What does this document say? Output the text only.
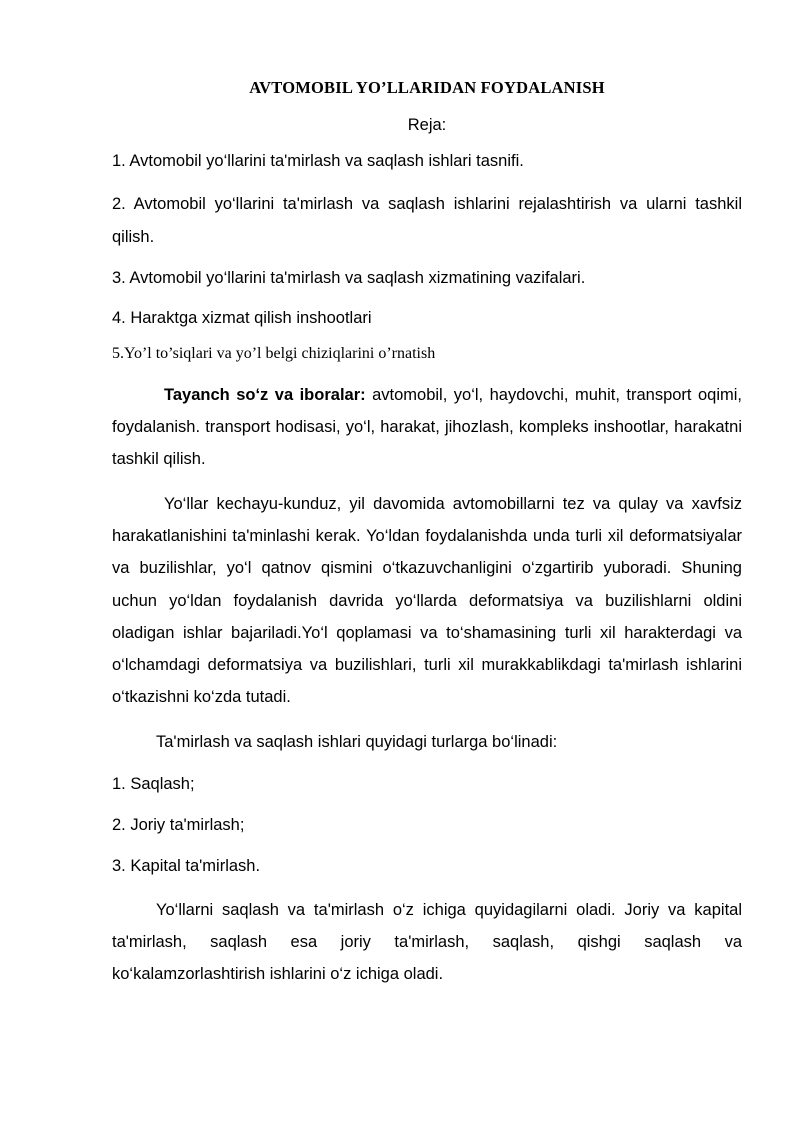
AVTOMOBIL YO’LLARIDAN FOYDALANISH
Reja:

1. Avtomobil yo‘llarini ta'mirlash va saqlash ishlari tasnifi.

2. Avtomobil yo‘llarini ta'mirlash va saqlash ishlarini rejalashtirish va ularni tashkil qilish.

3. Avtomobil yo‘llarini ta'mirlash va saqlash xizmatining vazifalari.

4. Haraktga xizmat qilish inshootlari

5.Yo’l to’siqlari va yo’l belgi chiziqlarini o’rnatish

Tayanch so‘z va iboralar: avtomobil, yo‘l, haydovchi, muhit, transport oqimi, foydalanish. transport hodisasi, yo‘l, harakat, jihozlash, kompleks inshootlar, harakatni tashkil qilish.

Yo‘llar kechayu-kunduz, yil davomida avtomobillarni tez va qulay va xavfsiz harakatlanishini ta'minlashi kerak. Yo‘ldan foydalanishda unda turli xil deformatsiyalar va buzilishlar, yo‘l qatnov qismini o‘tkazuvchanligini o‘zgartirib yuboradi. Shuning uchun yo‘ldan foydalanish davrida yo‘llarda deformatsiya va buzilishlarni oldini oladigan ishlar bajariladi.Yo‘l qoplamasi va to‘shamasining turli xil harakterdagi va o‘lchamdagi deformatsiya va buzilishlari, turli xil murakkablikdagi ta'mirlash ishlarini o‘tkazishni ko‘zda tutadi.

Ta'mirlash va saqlash ishlari quyidagi turlarga bo‘linadi:

1. Saqlash;

2. Joriy ta'mirlash;

3. Kapital ta'mirlash.

Yo‘llarni saqlash va ta'mirlash o‘z ichiga quyidagilarni oladi. Joriy va kapital ta'mirlash, saqlash esa joriy ta'mirlash, saqlash, qishgi saqlash va ko‘kalamzorlashtirish ishlarini o‘z ichiga oladi.
